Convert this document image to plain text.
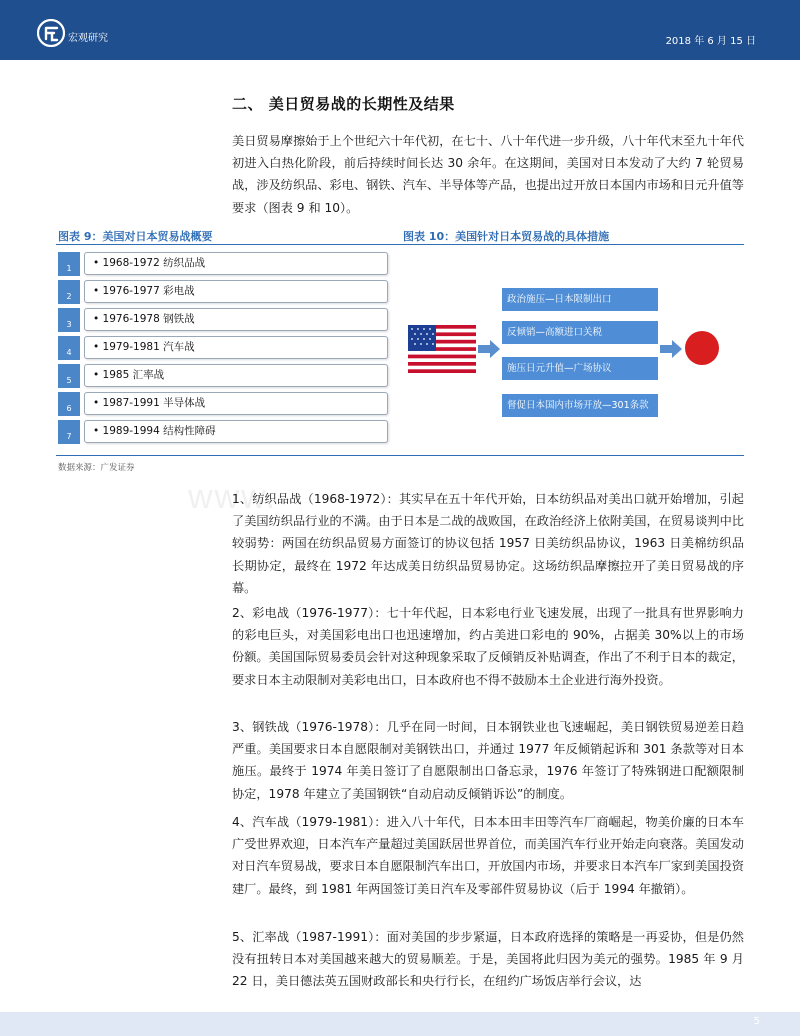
宏观研究	2018 年 6 月 15 日
二、 美日贸易战的长期性及结果

美日贸易摩擦始于上个世纪六十年代初，在七十、八十年代进一步升级，八十年代末至九十年代初进入白热化阶段，前后持续时间长达 30 余年。在这期间，美国对日本发动了大约 7 轮贸易战，涉及纺织品、彩电、钢铁、汽车、半导体等产品，也提出过开放日本国内市场和日元升值等要求（图表 9 和 10）。

图表 9：美国对日本贸易战概要	图表 10：美国针对日本贸易战的具体措施
1	• 1968-1972 纺织品战
2	• 1976-1977 彩电战
3	• 1976-1978 钢铁战
4	• 1979-1981 汽车战
5	• 1985 汇率战
6	• 1987-1991 半导体战
7	• 1989-1994 结构性障碍
政治施压—日本限制出口
反倾销—高额进口关税
施压日元升值—广场协议
督促日本国内市场开放—301条款
数据来源：广发证券
www.

1、纺织品战（1968-1972）：其实早在五十年代开始，日本纺织品对美出口就开始增加，引起了美国纺织品行业的不满。由于日本是二战的战败国，在政治经济上依附美国，在贸易谈判中比较弱势：两国在纺织品贸易方面签订的协议包括 1957 日美纺织品协议，1963 日美棉纺织品长期协定，最终在 1972 年达成美日纺织品贸易协定。这场纺织品摩擦拉开了美日贸易战的序幕。

2、彩电战（1976-1977）：七十年代起，日本彩电行业飞速发展，出现了一批具有世界影响力的彩电巨头，对美国彩电出口也迅速增加，约占美进口彩电的 90%，占据美 30%以上的市场份额。美国国际贸易委员会针对这种现象采取了反倾销反补贴调查，作出了不利于日本的裁定，要求日本主动限制对美彩电出口，日本政府也不得不鼓励本土企业进行海外投资。

3、钢铁战（1976-1978）：几乎在同一时间，日本钢铁业也飞速崛起，美日钢铁贸易逆差日趋严重。美国要求日本自愿限制对美钢铁出口，并通过 1977 年反倾销起诉和 301 条款等对日本施压。最终于 1974 年美日签订了自愿限制出口备忘录，1976 年签订了特殊钢进口配额限制协定，1978 年建立了美国钢铁“自动启动反倾销诉讼”的制度。

4、汽车战（1979-1981）：进入八十年代，日本本田丰田等汽车厂商崛起，物美价廉的日本车广受世界欢迎，日本汽车产量超过美国跃居世界首位，而美国汽车行业开始走向衰落。美国发动对日汽车贸易战，要求日本自愿限制汽车出口，开放国内市场，并要求日本汽车厂家到美国投资建厂。最终，到 1981 年两国签订美日汽车及零部件贸易协议（后于 1994 年撤销）。

5、汇率战（1987-1991）：面对美国的步步紧逼，日本政府选择的策略是一再妥协，但是仍然没有扭转日本对美国越来越大的贸易顺差。于是，美国将此归因为美元的强势。1985 年 9 月 22 日，美日德法英五国财政部长和央行行长，在纽约广场饭店举行会议，达

5
